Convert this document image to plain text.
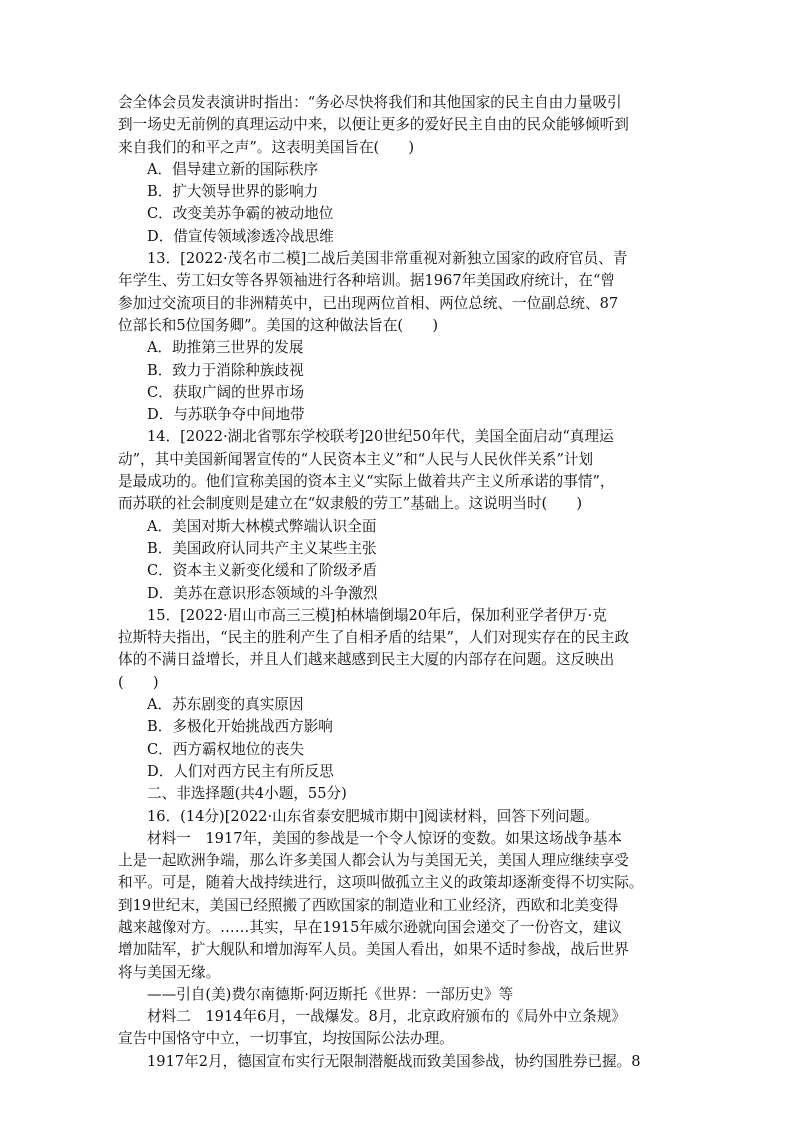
会全体会员发表演讲时指出：“务必尽快将我们和其他国家的民主自由力量吸引
到一场史无前例的真理运动中来，以便让更多的爱好民主自由的民众能够倾听到
来自我们的和平之声”。这表明美国旨在(　　)
A．倡导建立新的国际秩序
B．扩大领导世界的影响力
C．改变美苏争霸的被动地位
D．借宣传领域渗透冷战思维
13．[2022·茂名市二模]二战后美国非常重视对新独立国家的政府官员、青
年学生、劳工妇女等各界领袖进行各种培训。据1967年美国政府统计，在“曾
参加过交流项目的非洲精英中，已出现两位首相、两位总统、一位副总统、87
位部长和5位国务卿”。美国的这种做法旨在(　　)
A．助推第三世界的发展
B．致力于消除种族歧视
C．获取广阔的世界市场
D．与苏联争夺中间地带
14．[2022·湖北省鄂东学校联考]20世纪50年代，美国全面启动“真理运
动”，其中美国新闻署宣传的“人民资本主义”和“人民与人民伙伴关系”计划
是最成功的。他们宣称美国的资本主义“实际上做着共产主义所承诺的事情”，
而苏联的社会制度则是建立在“奴隶般的劳工”基础上。这说明当时(　　)
A．美国对斯大林模式弊端认识全面
B．美国政府认同共产主义某些主张
C．资本主义新变化缓和了阶级矛盾
D．美苏在意识形态领域的斗争激烈
15．[2022·眉山市高三三模]柏林墙倒塌20年后，保加利亚学者伊万·克
拉斯特夫指出，“民主的胜利产生了自相矛盾的结果”，人们对现实存在的民主政
体的不满日益增长，并且人们越来越感到民主大厦的内部存在问题。这反映出
(　　)
A．苏东剧变的真实原因
B．多极化开始挑战西方影响
C．西方霸权地位的丧失
D．人们对西方民主有所反思
二、非选择题(共4小题，55分)
16．(14分)[2022·山东省泰安肥城市期中]阅读材料，回答下列问题。
材料一　1917年，美国的参战是一个令人惊讶的变数。如果这场战争基本
上是一起欧洲争端，那么许多美国人都会认为与美国无关，美国人理应继续享受
和平。可是，随着大战持续进行，这项叫做孤立主义的政策却逐渐变得不切实际。
到19世纪末，美国已经照搬了西欧国家的制造业和工业经济，西欧和北美变得
越来越像对方。……其实，早在1915年威尔逊就向国会递交了一份咨文，建议
增加陆军，扩大舰队和增加海军人员。美国人看出，如果不适时参战，战后世界
将与美国无缘。
——引自(美)费尔南德斯·阿迈斯托《世界：一部历史》等
材料二　1914年6月，一战爆发。8月，北京政府颁布的《局外中立条规》
宣告中国恪守中立，一切事宜，均按国际公法办理。
1917年2月，德国宣布实行无限制潜艇战而致美国参战，协约国胜券已握。8
